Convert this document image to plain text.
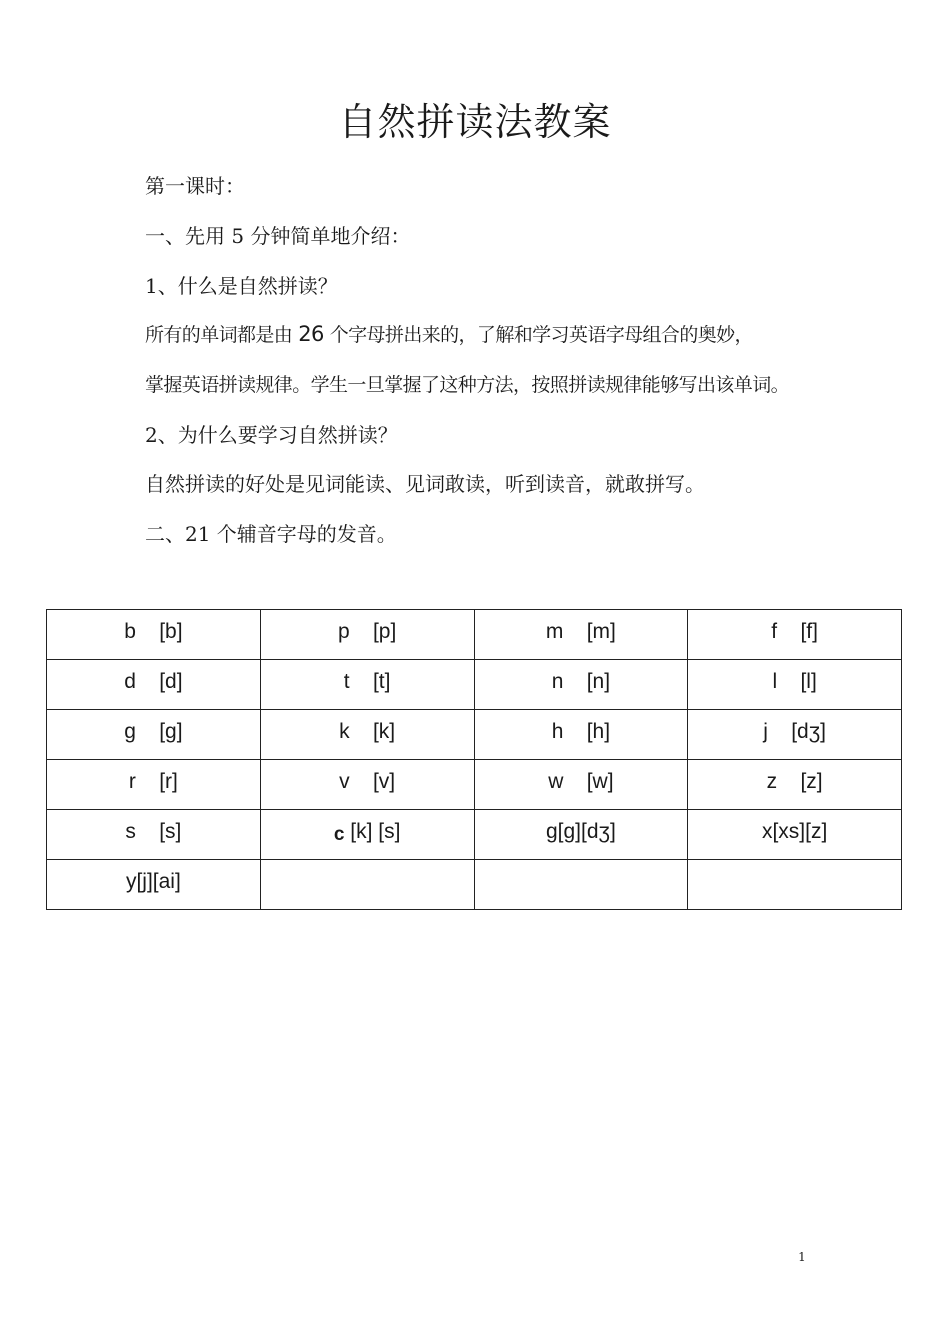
自然拼读法教案

第一课时：

一、先用 5 分钟简单地介绍：

1、什么是自然拼读？

所有的单词都是由 26 个字母拼出来的，了解和学习英语字母组合的奥妙，

掌握英语拼读规律。学生一旦掌握了这种方法，按照拼读规律能够写出该单词。

2、为什么要学习自然拼读？

自然拼读的好处是见词能读、见词敢读，听到读音，就敢拼写。

二、21 个辅音字母的发音。

b    [b]	p    [p]	m    [m]	f    [f]
d    [d]	t    [t]	n    [n]	l    [l]
g    [g]	k    [k]	h    [h]	j    [dʒ]
r    [r]	v    [v]	w    [w]	z    [z]
s    [s]	c [k] [s]	g[g][dʒ]	x[xs][z]
y[j][ai]			
1
